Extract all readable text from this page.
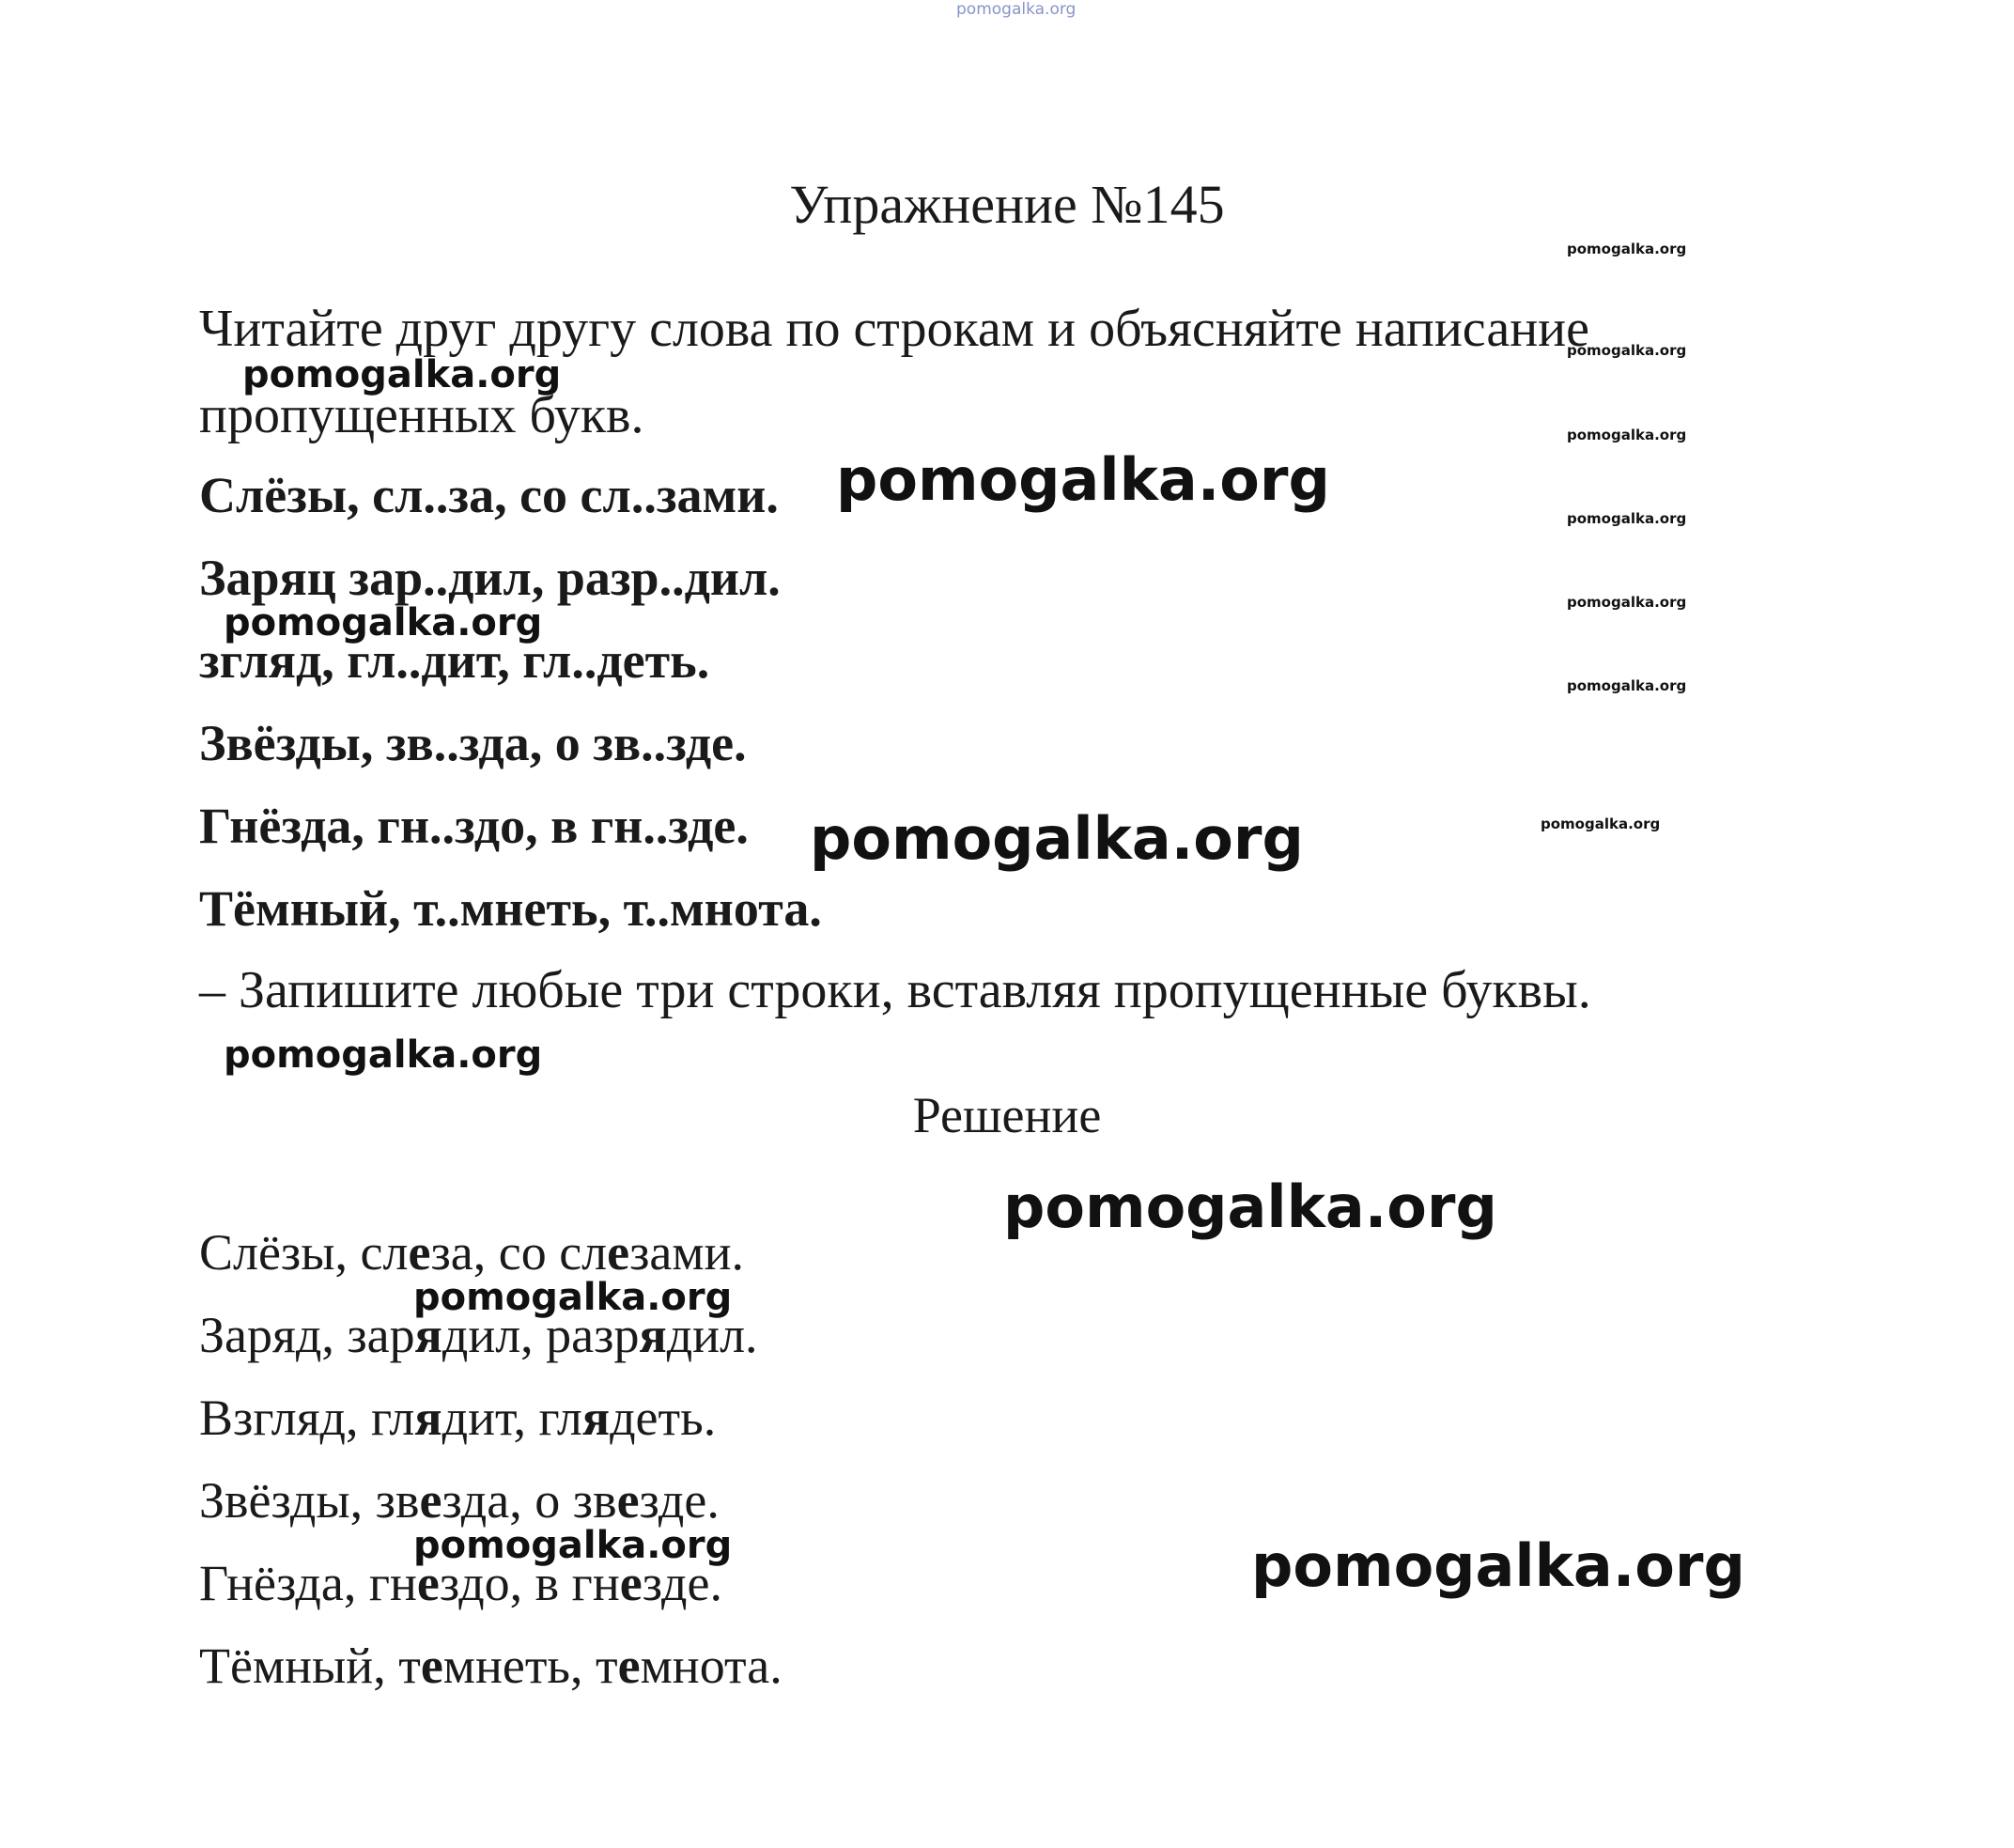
pomogalka.org
Упражнение №145
Читайте друг другу слова по строкам и объясняйте написание
пропущенных букв.
Слёзы, сл..за, со сл..зами.
Заряц зар..дил, разр..дил.
згляд, гл..дит, гл..деть.
Звёзды, зв..зда, о зв..зде.
Гнёзда, гн..здо, в гн..зде.
Тёмный, т..мнеть, т..мнота.
– Запишите любые три строки, вставляя пропущенные буквы.
Решение
Слёзы, слеза, со слезами.
Заряд, зарядил, разрядил.
Взгляд, глядит, глядеть.
Звёзды, звезда, о звезде.
Гнёзда, гнездо, в гнезде.
Тёмный, темнеть, темнота.
pomogalka.org
pomogalka.org
pomogalka.org
pomogalka.org
pomogalka.org
pomogalka.org
pomogalka.org
pomogalka.org
pomogalka.org
pomogalka.org
pomogalka.org
pomogalka.org
pomogalka.org
pomogalka.org
pomogalka.org
pomogalka.org
